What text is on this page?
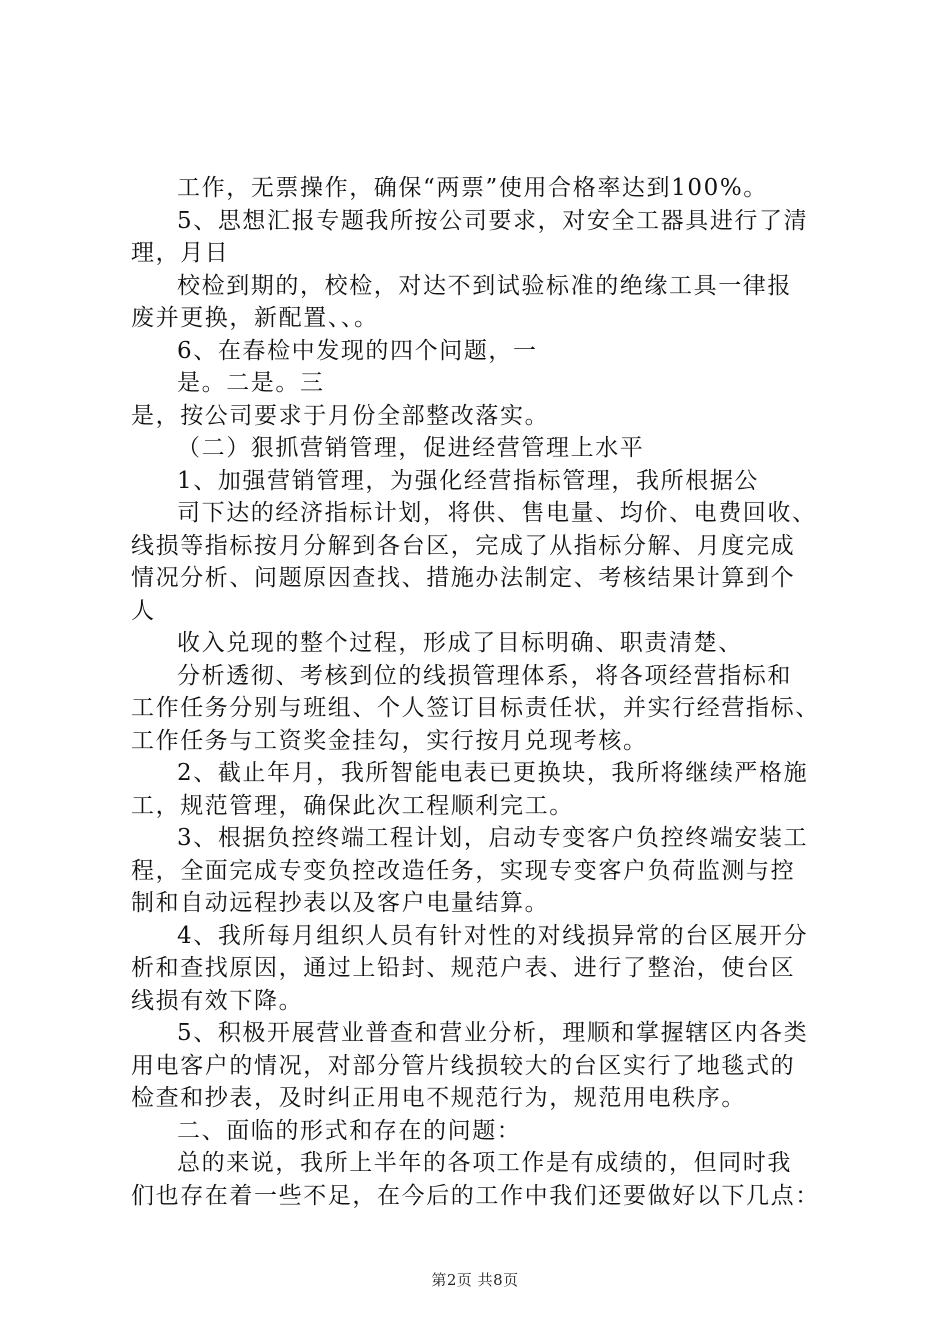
工作，无票操作，确保“两票”使用合格率达到100%。
5、思想汇报专题我所按公司要求，对安全工器具进行了清
理，月日
校检到期的，校检，对达不到试验标准的绝缘工具一律报
废并更换，新配置、、。
6、在春检中发现的四个问题，一
是。二是。三
是，按公司要求于月份全部整改落实。
（二）狠抓营销管理，促进经营管理上水平
1、加强营销管理，为强化经营指标管理，我所根据公
司下达的经济指标计划，将供、售电量、均价、电费回收、
线损等指标按月分解到各台区，完成了从指标分解、月度完成
情况分析、问题原因查找、措施办法制定、考核结果计算到个
人
收入兑现的整个过程，形成了目标明确、职责清楚、
分析透彻、考核到位的线损管理体系，将各项经营指标和
工作任务分别与班组、个人签订目标责任状，并实行经营指标、
工作任务与工资奖金挂勾，实行按月兑现考核。
2、截止年月，我所智能电表已更换块，我所将继续严格施
工，规范管理，确保此次工程顺利完工。
3、根据负控终端工程计划，启动专变客户负控终端安装工
程，全面完成专变负控改造任务，实现专变客户负荷监测与控
制和自动远程抄表以及客户电量结算。
4、我所每月组织人员有针对性的对线损异常的台区展开分
析和查找原因，通过上铅封、规范户表、进行了整治，使台区
线损有效下降。
5、积极开展营业普查和营业分析，理顺和掌握辖区内各类
用电客户的情况，对部分管片线损较大的台区实行了地毯式的
检查和抄表，及时纠正用电不规范行为，规范用电秩序。
二、面临的形式和存在的问题：
总的来说，我所上半年的各项工作是有成绩的，但同时我
们也存在着一些不足，在今后的工作中我们还要做好以下几点：
第2页 共8页
